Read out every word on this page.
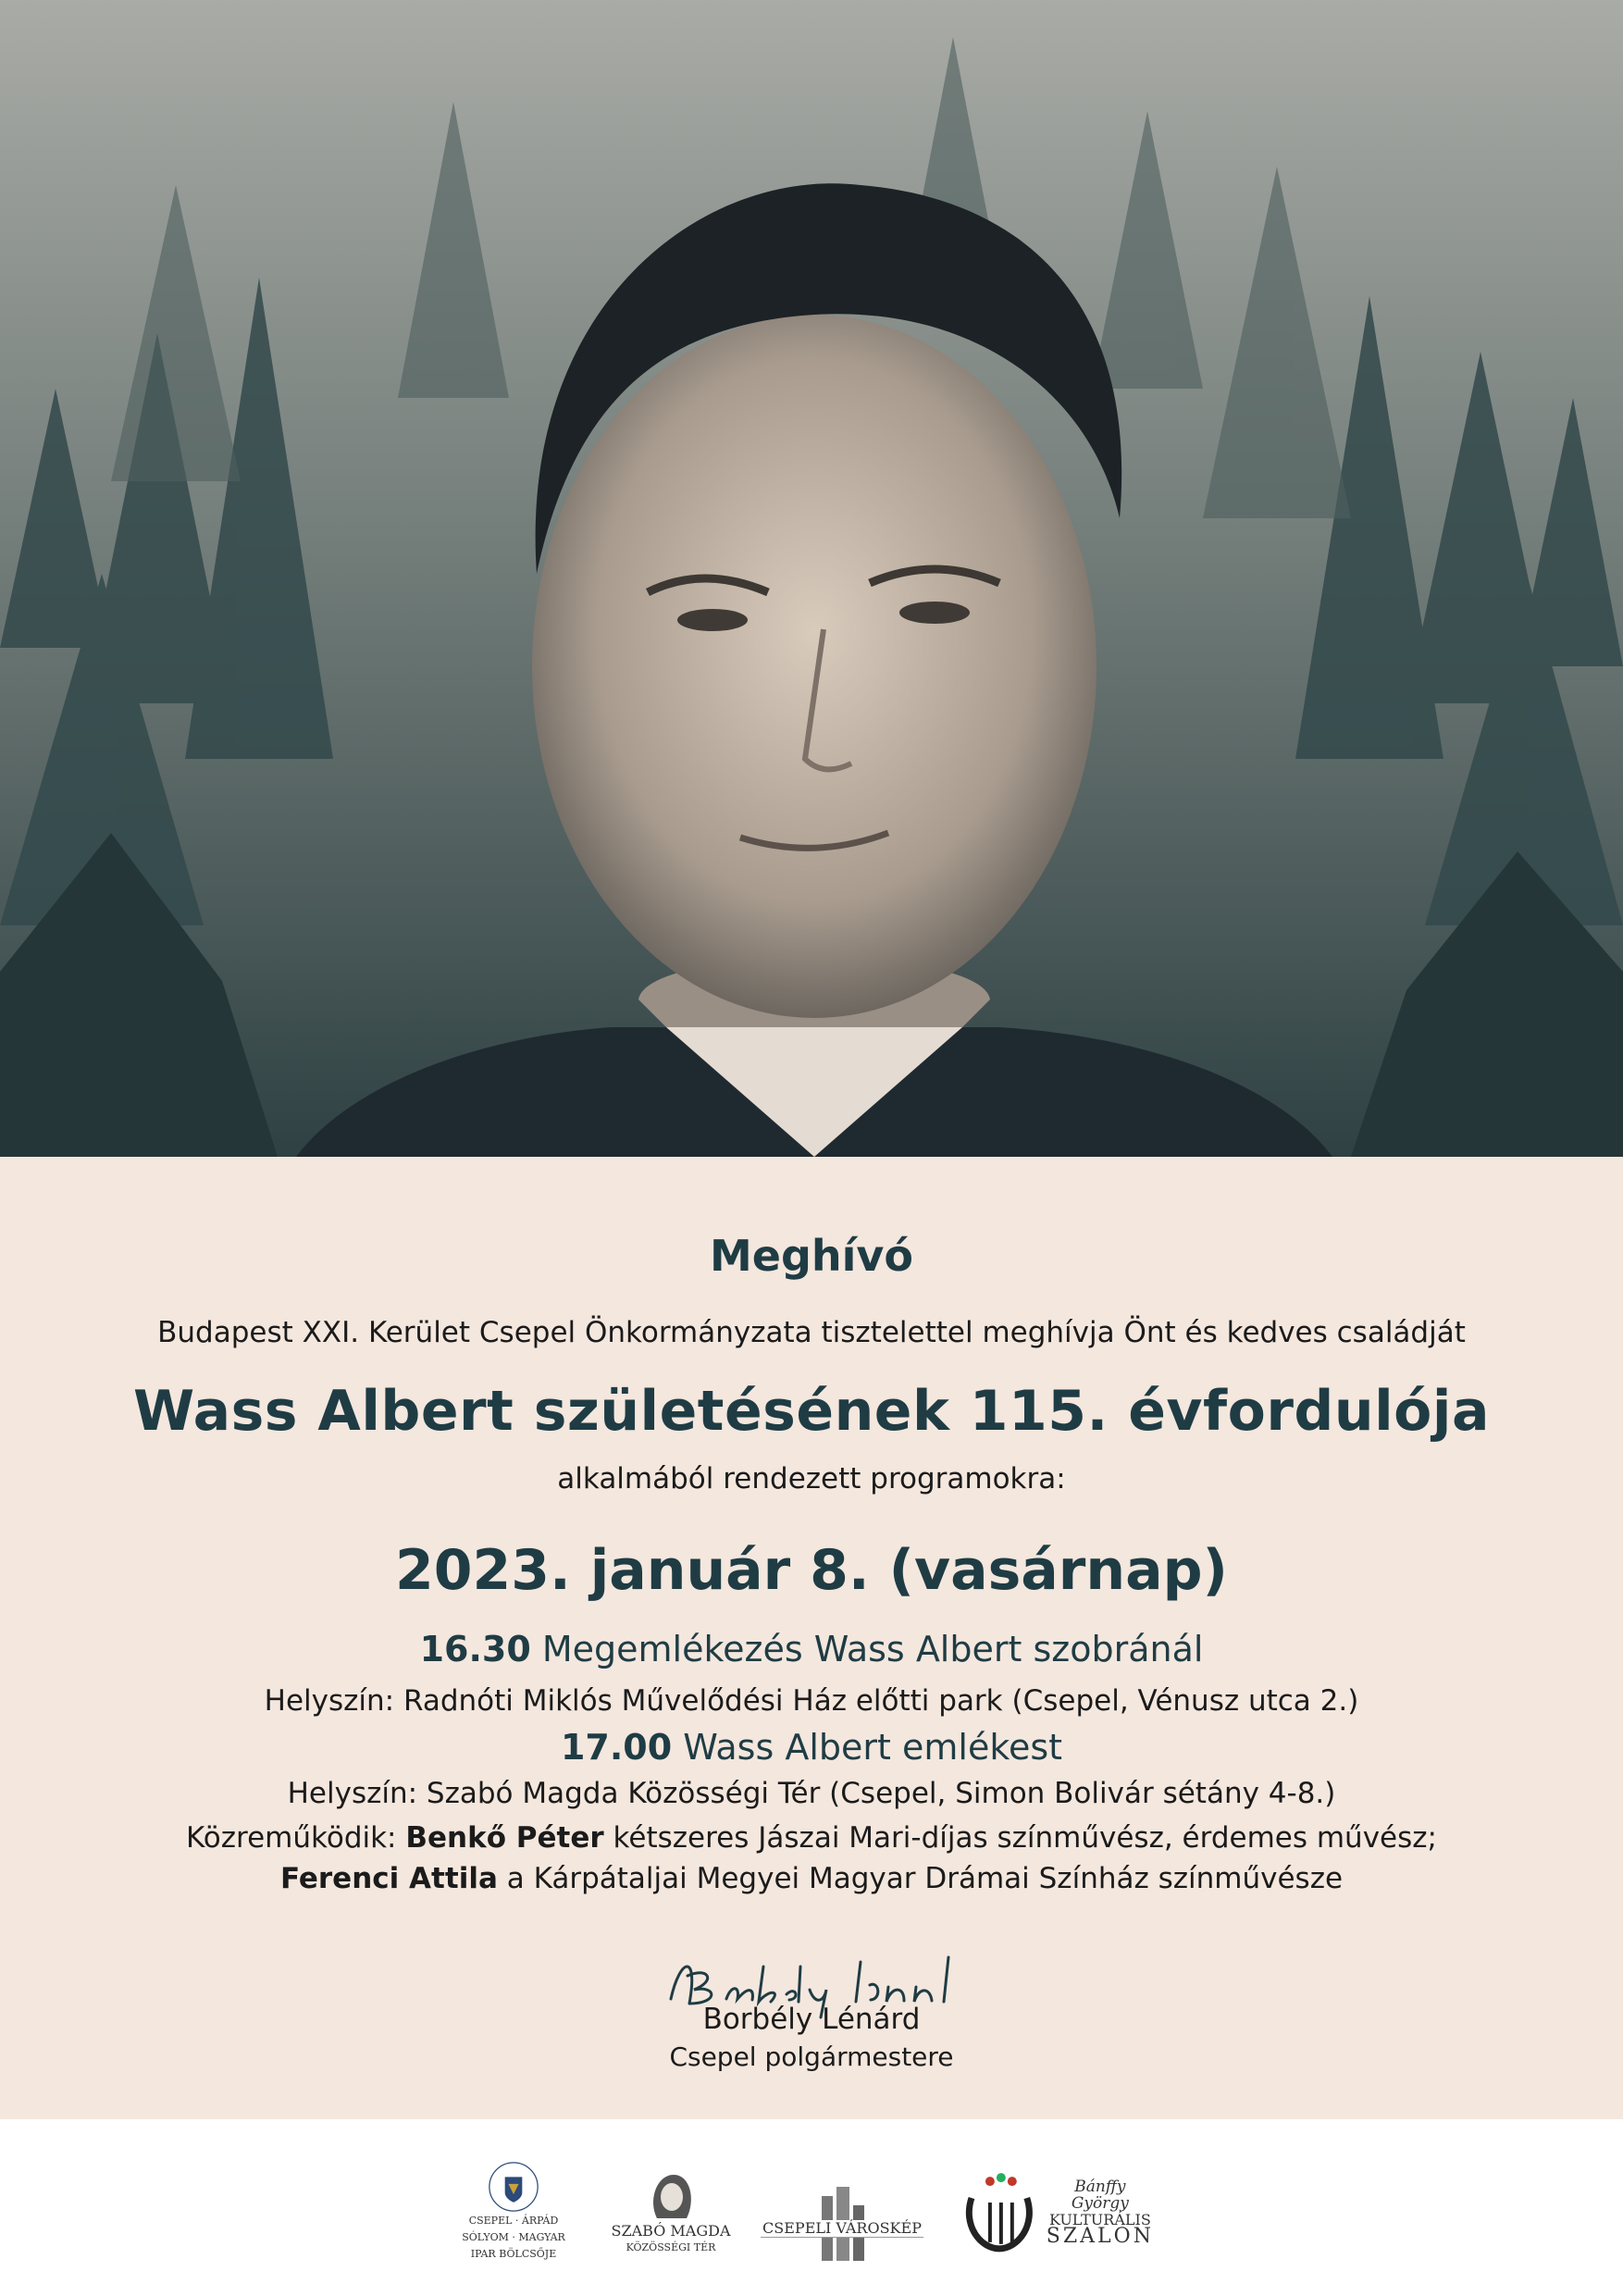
Meghívó
Budapest XXI. Kerület Csepel Önkormányzata tisztelettel meghívja Önt és kedves családját
Wass Albert születésének 115. évfordulója
alkalmából rendezett programokra:
2023. január 8. (vasárnap)
16.30 Megemlékezés Wass Albert szobránál
Helyszín: Radnóti Miklós Művelődési Ház előtti park (Csepel, Vénusz utca 2.)
17.00 Wass Albert emlékest
Helyszín: Szabó Magda Közösségi Tér (Csepel, Simon Bolivár sétány 4-8.)
Közreműködik: Benkő Péter kétszeres Jászai Mari-díjas színművész, érdemes művész;
Ferenci Attila a Kárpátaljai Megyei Magyar Drámai Színház színművésze
Borbély Lénárd
Csepel polgármestere
CSEPEL · ÁRPÁD SÓLYOM · MAGYAR IPAR BÖLCSŐJE
SZABÓ MAGDA
KÖZÖSSÉGI TÉR
CSEPELI VÁROSKÉP
Bánffy György
KULTURÁLIS
SZALON
